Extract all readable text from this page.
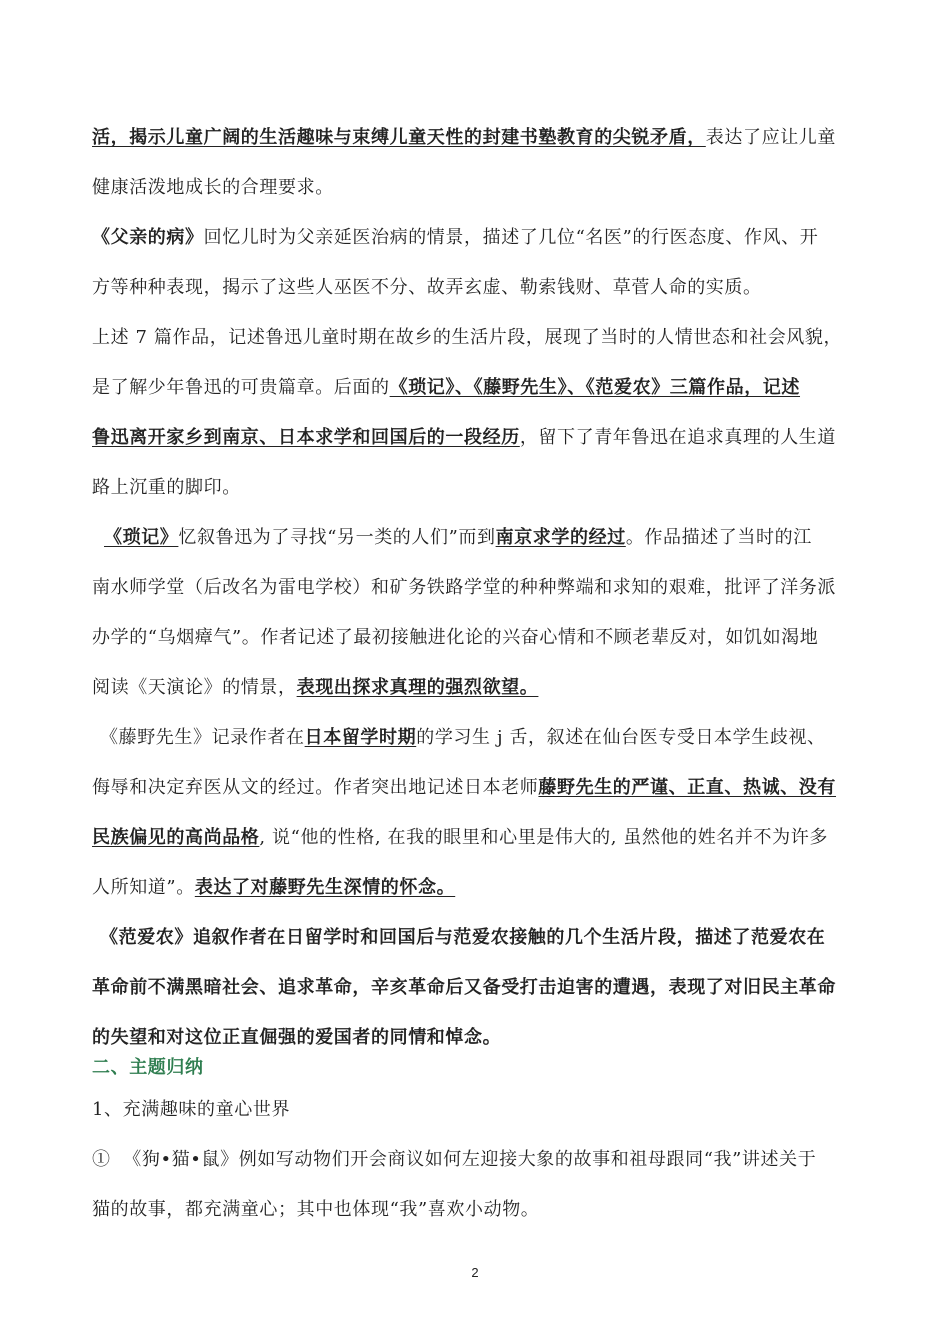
活，揭示儿童广阔的生活趣味与束缚儿童天性的封建书塾教育的尖锐矛盾，表达了应让儿童
健康活泼地成长的合理要求。
《父亲的病》回忆儿时为父亲延医治病的情景，描述了几位“名医”的行医态度、作风、开
方等种种表现，揭示了这些人巫医不分、故弄玄虚、勒索钱财、草菅人命的实质。
上述 7 篇作品，记述鲁迅儿童时期在故乡的生活片段，展现了当时的人情世态和社会风貌，
是了解少年鲁迅的可贵篇章。后面的《琐记》、《藤野先生》、《范爱农》三篇作品，记述
鲁迅离开家乡到南京、日本求学和回国后的一段经历，留下了青年鲁迅在追求真理的人生道
路上沉重的脚印。
《琐记》忆叙鲁迅为了寻找“另一类的人们”而到南京求学的经过。作品描述了当时的江
南水师学堂（后改名为雷电学校）和矿务铁路学堂的种种弊端和求知的艰难，批评了洋务派
办学的“乌烟瘴气”。作者记述了最初接触进化论的兴奋心情和不顾老辈反对，如饥如渴地
阅读《天演论》的情景，表现出探求真理的强烈欲望。
《藤野先生》记录作者在日本留学时期的学习生 j 舌，叙述在仙台医专受日本学生歧视、
侮辱和决定弃医从文的经过。作者突出地记述日本老师藤野先生的严谨、正直、热诚、没有
民族偏见的高尚品格, 说“他的性格, 在我的眼里和心里是伟大的, 虽然他的姓名并不为许多
人所知道”。表达了对藤野先生深情的怀念。
《范爱农》追叙作者在日留学时和回国后与范爱农接触的几个生活片段，描述了范爱农在
革命前不满黑暗社会、追求革命，辛亥革命后又备受打击迫害的遭遇，表现了对旧民主革命
的失望和对这位正直倔强的爱国者的同情和悼念。
二、主题归纳
1、充满趣味的童心世界
① 《狗•猫•鼠》例如写动物们开会商议如何左迎接大象的故事和祖母跟同“我”讲述关于
猫的故事，都充满童心；其中也体现“我”喜欢小动物。
2
